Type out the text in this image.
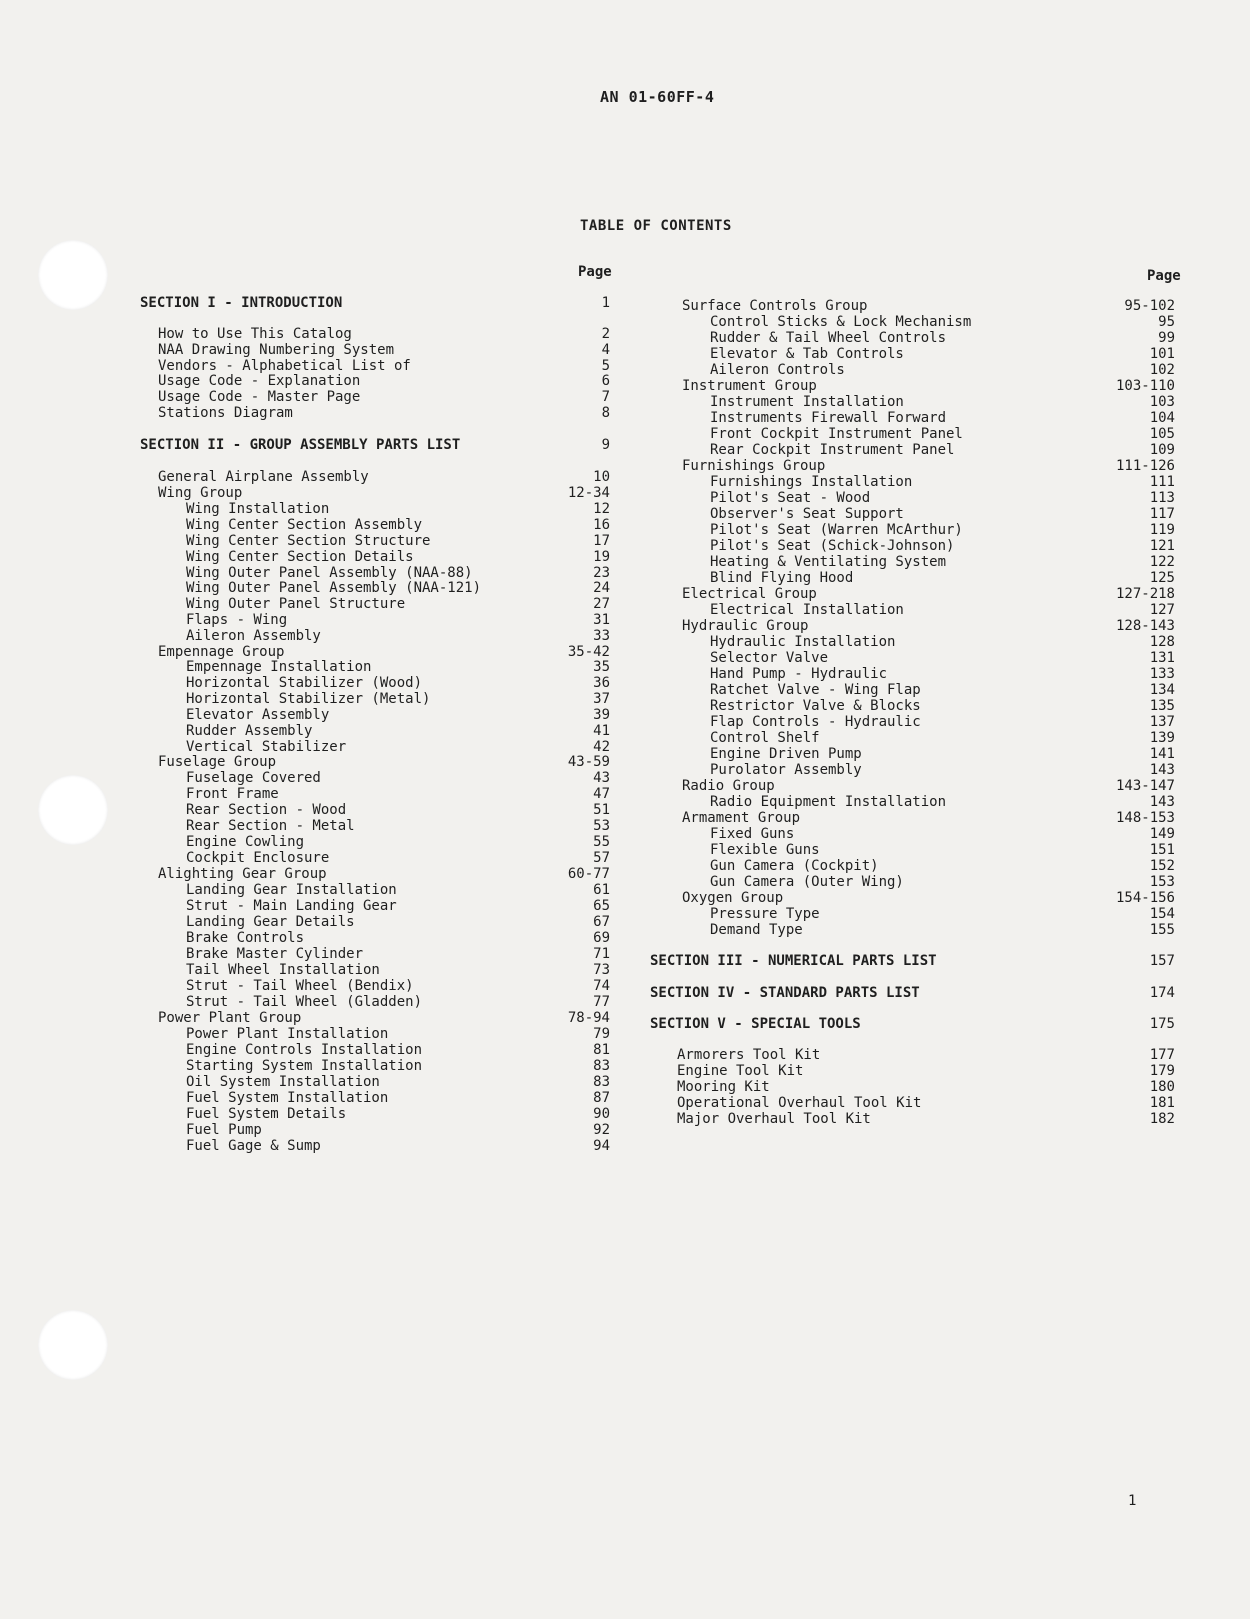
AN 01-60FF-4
TABLE OF CONTENTS
Page	Page
SECTION I - INTRODUCTION	1
How to Use This Catalog	2
NAA Drawing Numbering System	4
Vendors - Alphabetical List of	5
Usage Code - Explanation	6
Usage Code - Master Page	7
Stations Diagram	8
SECTION II - GROUP ASSEMBLY PARTS LIST	9
General Airplane Assembly	10
Wing Group	12-34
Wing Installation	12
Wing Center Section Assembly	16
Wing Center Section Structure	17
Wing Center Section Details	19
Wing Outer Panel Assembly (NAA-88)	23
Wing Outer Panel Assembly (NAA-121)	24
Wing Outer Panel Structure	27
Flaps - Wing	31
Aileron Assembly	33
Empennage Group	35-42
Empennage Installation	35
Horizontal Stabilizer (Wood)	36
Horizontal Stabilizer (Metal)	37
Elevator Assembly	39
Rudder Assembly	41
Vertical Stabilizer	42
Fuselage Group	43-59
Fuselage Covered	43
Front Frame	47
Rear Section - Wood	51
Rear Section - Metal	53
Engine Cowling	55
Cockpit Enclosure	57
Alighting Gear Group	60-77
Landing Gear Installation	61
Strut - Main Landing Gear	65
Landing Gear Details	67
Brake Controls	69
Brake Master Cylinder	71
Tail Wheel Installation	73
Strut - Tail Wheel (Bendix)	74
Strut - Tail Wheel (Gladden)	77
Power Plant Group	78-94
Power Plant Installation	79
Engine Controls Installation	81
Starting System Installation	83
Oil System Installation	83
Fuel System Installation	87
Fuel System Details	90
Fuel Pump	92
Fuel Gage & Sump	94
Surface Controls Group	95-102
Control Sticks & Lock Mechanism	95
Rudder & Tail Wheel Controls	99
Elevator & Tab Controls	101
Aileron Controls	102
Instrument Group	103-110
Instrument Installation	103
Instruments Firewall Forward	104
Front Cockpit Instrument Panel	105
Rear Cockpit Instrument Panel	109
Furnishings Group	111-126
Furnishings Installation	111
Pilot's Seat - Wood	113
Observer's Seat Support	117
Pilot's Seat (Warren McArthur)	119
Pilot's Seat (Schick-Johnson)	121
Heating & Ventilating System	122
Blind Flying Hood	125
Electrical Group	127-218
Electrical Installation	127
Hydraulic Group	128-143
Hydraulic Installation	128
Selector Valve	131
Hand Pump - Hydraulic	133
Ratchet Valve - Wing Flap	134
Restrictor Valve & Blocks	135
Flap Controls - Hydraulic	137
Control Shelf	139
Engine Driven Pump	141
Purolator Assembly	143
Radio Group	143-147
Radio Equipment Installation	143
Armament Group	148-153
Fixed Guns	149
Flexible Guns	151
Gun Camera (Cockpit)	152
Gun Camera (Outer Wing)	153
Oxygen Group	154-156
Pressure Type	154
Demand Type	155
SECTION III - NUMERICAL PARTS LIST	157
SECTION IV - STANDARD PARTS LIST	174
SECTION V - SPECIAL TOOLS	175
Armorers Tool Kit	177
Engine Tool Kit	179
Mooring Kit	180
Operational Overhaul Tool Kit	181
Major Overhaul Tool Kit	182
1
